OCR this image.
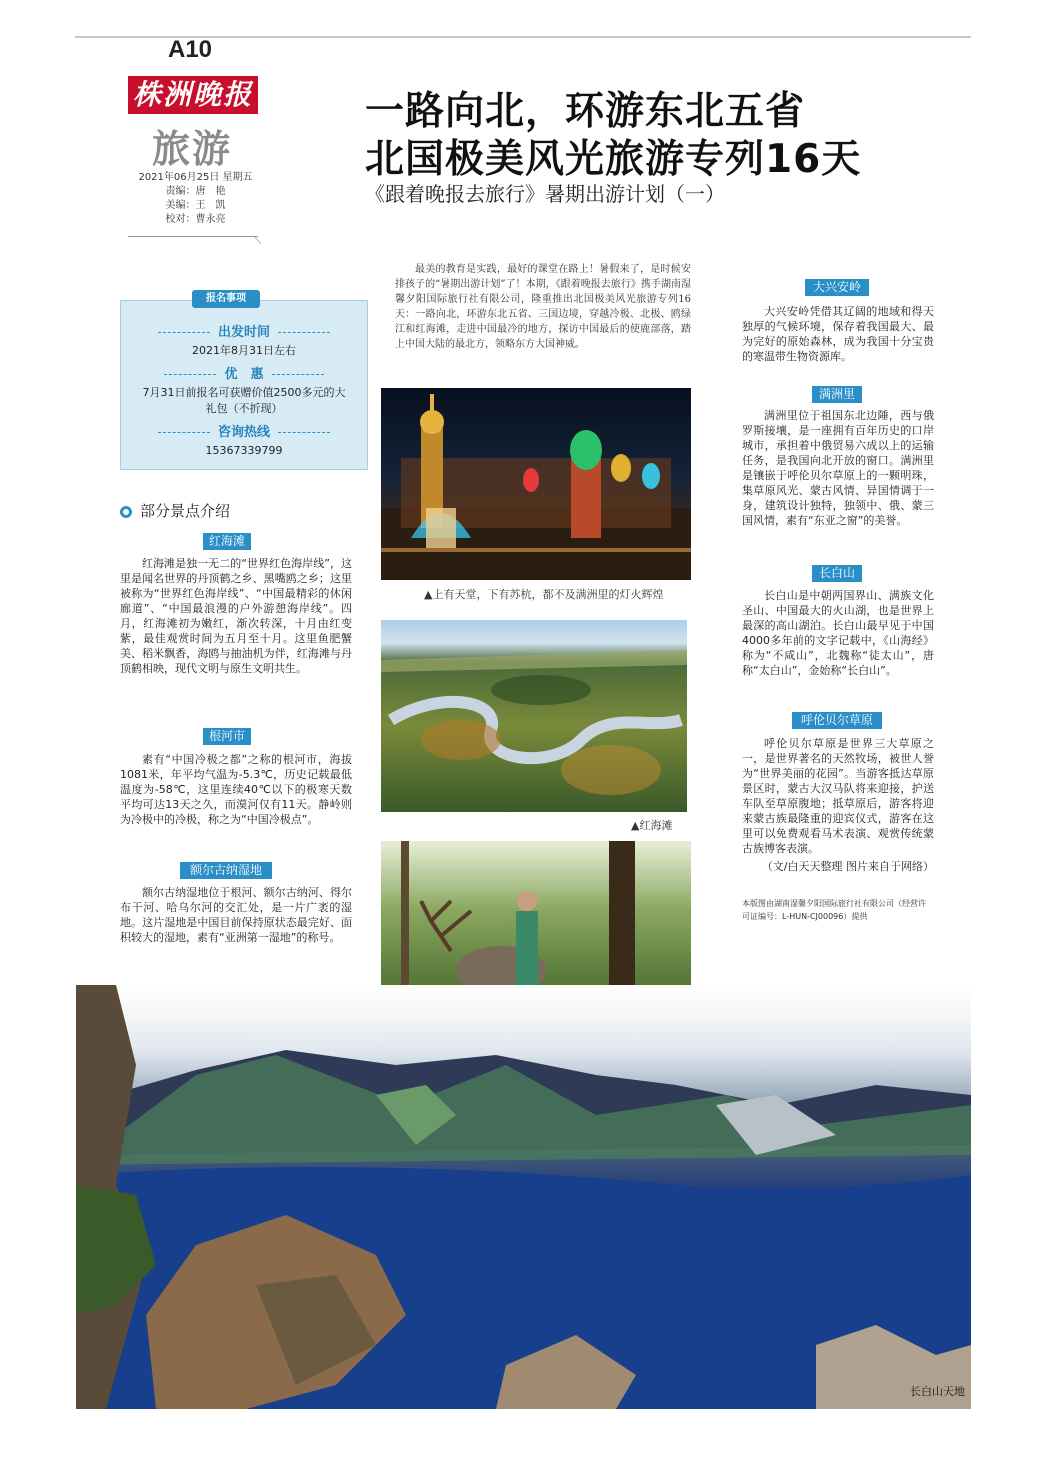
A10
株洲晚报
旅游
2021年06月25日 星期五
责编：唐　艳
美编：王　凯
校对：曹永亮
一路向北，环游东北五省
北国极美风光旅游专列16天
《跟着晚报去旅行》暑期出游计划（一）
最美的教育是实践，最好的课堂在路上！暑假来了，是时候安排孩子的“暑期出游计划”了！本期，《跟着晚报去旅行》携手湖南湿馨夕阳国际旅行社有限公司，隆重推出北国极美风光旅游专列16天：一路向北，环游东北五省、三国边境，穿越冷极、北极、鸥绿江和红海滩，走进中国最冷的地方，探访中国最后的使鹿部落，踏上中国大陆的最北方，领略东方大国神威。
出发时间
2021年8月31日左右
优　惠
7月31日前报名可获赠价值2500多元的大礼包（不折现）
咨询热线
15367339799
报名事项
部分景点介绍
红海滩
红海滩是独一无二的“世界红色海岸线”，这里是闻名世界的丹顶鹤之乡、黑嘴鸥之乡；这里被称为“世界红色海岸线”、“中国最精彩的休闲廊道”、“中国最浪漫的户外游憩海岸线”。四月，红海滩初为嫩红，渐次转深，十月由红变紫，最佳观赏时间为五月至十月。这里鱼肥蟹美、稻米飘香，海鸥与抽油机为伴，红海滩与丹顶鹤相映，现代文明与原生文明共生。
根河市
素有“中国冷极之都”之称的根河市，海拔1081米，年平均气温为-5.3℃，历史记载最低温度为-58℃，这里连续40℃以下的极寒天数平均可达13天之久，而漠河仅有11天。静岭则为冷极中的冷极，称之为“中国冷极点”。
额尔古纳湿地
额尔古纳湿地位于根河、额尔古纳河、得尔布干河、哈乌尔河的交汇处，是一片广袤的湿地。这片湿地是中国目前保持原状态最完好、面积较大的湿地，素有“亚洲第一湿地”的称号。
大兴安岭
大兴安岭凭借其辽阔的地域和得天独厚的气候环境，保存着我国最大、最为完好的原始森林，成为我国十分宝贵的寒温带生物资源库。
满洲里
满洲里位于祖国东北边陲，西与俄罗斯接壤，是一座拥有百年历史的口岸城市，承担着中俄贸易六成以上的运输任务，是我国向北开放的窗口。满洲里是镶嵌于呼伦贝尔草原上的一颗明珠，集草原风光、蒙古风情、异国情调于一身，建筑设计独特，独领中、俄、蒙三国风情，素有“东亚之窗”的美誉。
长白山
长白山是中朝两国界山、满族文化圣山、中国最大的火山湖，也是世界上最深的高山湖泊。长白山最早见于中国4000多年前的文字记载中，《山海经》称为“不咸山”，北魏称“徒太山”，唐称“太白山”，金始称“长白山”。
呼伦贝尔草原
呼伦贝尔草原是世界三大草原之一，是世界著名的天然牧场，被世人誉为“世界美丽的花园”。当游客抵达草原景区时，蒙古大汉马队将来迎接，护送车队至草原腹地；抵草原后，游客将迎来蒙古族最隆重的迎宾仪式，游客在这里可以免费观看马术表演、观赏传统蒙古族博客表演。
（文/白天天整理 图片来自于网络）
本版图由湖南湿馨夕阳国际旅行社有限公司（经营许可证编号：L-HUN-CJ00096）提供
▲上有天堂，下有苏杭，都不及满洲里的灯火辉煌
▲红海滩
长白山天地
